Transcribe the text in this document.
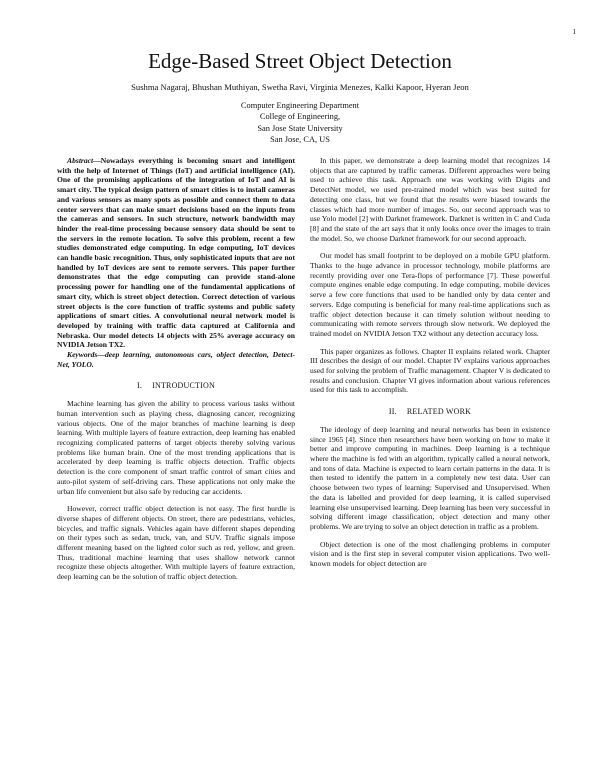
1
Edge-Based Street Object Detection
Sushma Nagaraj, Bhushan Muthiyan, Swetha Ravi, Virginia Menezes, Kalki Kapoor, Hyeran Jeon
Computer Engineering Department
College of Engineering,
San Jose State University
San Jose, CA, US

Abstract—Nowadays everything is becoming smart and intelligent with the help of Internet of Things (IoT) and artificial intelligence (AI). One of the promising applications of the integration of IoT and AI is smart city. The typical design pattern of smart cities is to install cameras and various sensors as many spots as possible and connect them to data center servers that can make smart decisions based on the inputs from the cameras and sensors. In such structure, network bandwidth may hinder the real-time processing because sensory data should be sent to the servers in the remote location. To solve this problem, recent a few studies demonstrated edge computing. In edge computing, IoT devices can handle basic recognition. Thus, only sophisticated inputs that are not handled by IoT devices are sent to remote servers. This paper further demonstrates that the edge computing can provide stand-alone processing power for handling one of the fundamental applications of smart city, which is street object detection. Correct detection of various street objects is the core function of traffic systems and public safety applications of smart cities. A convolutional neural network model is developed by training with traffic data captured at California and Nebraska. Our model detects 14 objects with 25% average accuracy on NVIDIA Jetson TX2.

Keywords—deep learning, autonomous cars, object detection, Detect-Net, YOLO.

I. INTRODUCTION

Machine learning has given the ability to process various tasks without human intervention such as playing chess, diagnosing cancer, recognizing various objects. One of the major branches of machine learning is deep learning. With multiple layers of feature extraction, deep learning has enabled recognizing complicated patterns of target objects thereby solving various problems like human brain. One of the most trending applications that is accelerated by deep learning is traffic objects detection. Traffic objects detection is the core component of smart traffic control of smart cities and auto-pilot system of self-driving cars. These applications not only make the urban life convenient but also safe by reducing car accidents.

However, correct traffic object detection is not easy. The first hurdle is diverse shapes of different objects. On street, there are pedestrians, vehicles, bicycles, and traffic signals. Vehicles again have different shapes depending on their types such as sedan, truck, van, and SUV. Traffic signals impose different meaning based on the lighted color such as red, yellow, and green. Thus, traditional machine learning that uses shallow network cannot recognize these objects altogether. With multiple layers of feature extraction, deep learning can be the solution of traffic object detection.

In this paper, we demonstrate a deep learning model that recognizes 14 objects that are captured by traffic cameras. Different approaches were being used to achieve this task. Approach one was working with Digits and DetectNet model, we used pre-trained model which was best suited for detecting one class, but we found that the results were biased towards the classes which had more number of images. So, our second approach was to use Yolo model [2] with Darknet framework. Darknet is written in C and Cuda [8] and the state of the art says that it only looks once over the images to train the model. So, we choose Darknet framework for our second approach.

Our model has small footprint to be deployed on a mobile GPU platform. Thanks to the huge advance in processor technology, mobile platforms are recently providing over one Tera-flops of performance [7]. These powerful compute engines enable edge computing. In edge computing, mobile devices serve a few core functions that used to be handled only by data center and servers. Edge computing is beneficial for many real-time applications such as traffic object detection because it can timely solution without needing to communicating with remote servers through slow network. We deployed the trained model on NVIDIA Jetson TX2 without any detection accuracy loss.

This paper organizes as follows. Chapter II explains related work. Chapter III describes the design of our model. Chapter IV explains various approaches used for solving the problem of Traffic management. Chapter V is dedicated to results and conclusion. Chapter VI gives information about various references used for this task to accomplish.

II. RELATED WORK

The ideology of deep learning and neural networks has been in existence since 1965 [4]. Since then researchers have been working on how to make it better and improve computing in machines. Deep learning is a technique where the machine is fed with an algorithm, typically called a neural network, and tons of data. Machine is expected to learn certain patterns in the data. It is then tested to identify the pattern in a completely new test data. User can choose between two types of learning: Supervised and Unsupervised. When the data is labelled and provided for deep learning, it is called supervised learning else unsupervised learning. Deep learning has been very successful in solving different image classification, object detection and many other problems. We are trying to solve an object detection in traffic as a problem.

Object detection is one of the most challenging problems in computer vision and is the first step in several computer vision applications. Two well-known models for object detection are
